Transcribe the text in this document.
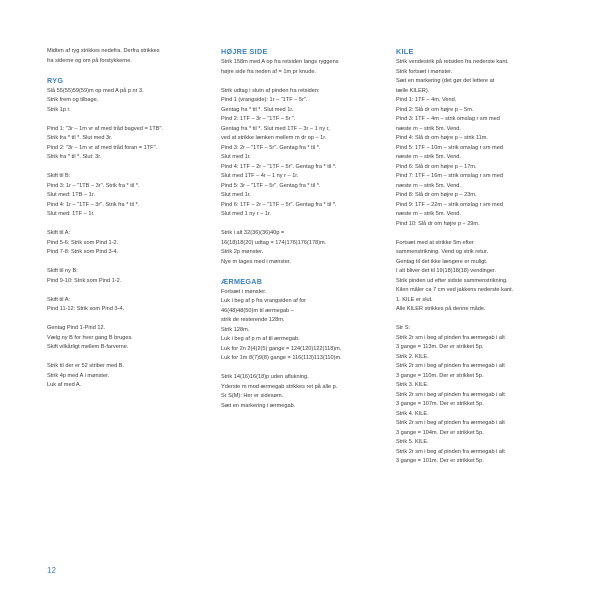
Midten af ryg strikkes nedefra. Derfra strikkes
fra siderne og om på forstykkerne.
RYG
Slå 55(55)59(59)m op med A på p nr 3.
Strik frem og tilbage.
Strik 1p r.
Pind 1: "3r – 1m vr af med tråd bagved = 1TB".
Strik fra * til *. Slut med 3r.
Pind 2: "3r – 1m vr af med tråd foran = 1TF".
Strik fra * til *. Slut: 3r.
Skift til B:
Pind 3: 1r – "1TB – 3r". Strik fra * til *.
Slut med: 1TB – 1r.
Pind 4: 1r – "1TF – 3r". Strik fra * til *.
Slut med: 1TF – 1r.
Skift til A:
Pind 5-6: Strik som Pind 1-2.
Pind 7-8: Strik som Pind 3-4.
Skift til ny B:
Pind 9-10: Strik som Pind 1-2.
Skift til A:
Pind 11-12: Strik som Pind 3-4.
Gentag Pind 1-Pind 12.
Vælg ny B for hver gang B bruges.
Skift vilkårligt mellem B-farverne.
Strik til der er 52 striber med B.
Strik 4p med A i mønster.
Luk af med A.
HØJRE SIDE
Strik 158m med A op fra retsiden langs ryggens
højre side fra neden af = 1m pr knude.
Strik udtag i slutn af pinden fra retsiden:
Pind 1 (vrangside): 1r – "1TF – 5r".
Gentag fra * til *. Slut med 1r.
Pind 2: 1TF – 3r – "1TF – 5r ".
Gentag fra * til *. Slut med 1TF – 3r – 1 ny r,
ved at strikke lænken mellem m dr op – 1r.
Pind 3: 2r – "1TF – 5r". Gentag fra * til *.
Slut med 1r.
Pind 4: 1TF – 2r – "1TF – 5r". Gentag fra * til *.
Slut med 1TF – 4r – 1 ny r – 1r.
Pind 5: 3r – "1TF – 5r". Gentag fra * til *.
Slut med 1r.
Pind 6: 1TF – 2r – "1TF – 5r". Gentag fra * til *.
Slut med 1 ny r – 1r.
Strik i alt 32(36)(36)40p =
16(18)18(20) udtag = 174(176)176(178)m.
Strik 2p mønster.
Nye m tages med i mønster.
ÆRMEGAB
Fortsæt i mønster.
Luk i beg af p fra vrangsiden af for
46(48)48(50)m til ærmegab –
strik de resterende 128m.
Strik 128m.
Luk i beg af p m af til ærmegab.
Luk for 2n 2(4)2(5) gange = 124(120)122(118)m.
Luk for 1m 8(7)9(8) gange = 116(113)113(110)m.
Strik 14(16)16(18)p uden aflukning.
Yderste m mod ærmegab strikkes ret på alle p.
Sr S(M): Her er sidesøm.
Sæt en markering i ærmegab.
KILE
Strik vendestrik på retsiden fra nederste kant.
Strik fortsæt i mønster.
Sæt en markering (det gør det lettere at
tælle KILER).
Pind 1: 1TF – 4m. Vend.
Pind 2: Slå dr om højre p – 5m.
Pind 3: 1TF – 4m – strik omslag r sm med
næste m – strik 5m. Vend.
Pind 4: Slå dr om højre p – strik 11m.
Pind 5: 1TF – 10m – strik omslag r sm med
næste m – strik 5m. Vend.
Pind 6: Slå dr om højre p – 17m.
Pind 7: 1TF – 16m – strik omslag r sm med
næste m – strik 5m. Vend.
Pind 8: Slå dr om højre p – 23m.
Pind 9: 1TF – 22m – strik omslag r sm med
næste m – strik 5m. Vend.
Pind 10: Slå dr om højre p – 29m.
Fortsæt med at strikke 5m efter
sammenstrikning. Vend og strik retur.
Gentag til det ikke længere er muligt.
I alt bliver det til 19(18)18(18) vendinger.
Strik pinden ud efter sidste sammenstrikning.
Kilen måler ca 7 cm ved jakkens nederste kant.
1. KILE er slut.
Alle KILER strikkes på denne måde.
Str S:
Strik 2r sm i beg af pinden fra ærmegab i alt
3 gange = 113m. Der er strikket 5p.
Strik 2. KILE.
Strik 2r sm i beg af pinden fra ærmegab i alt
3 gange = 110m. Der er strikket 5p.
Strik 3. KILE.
Strik 2r sm i beg af pinden fra ærmegab i alt
3 gange = 107m. Der er strikket 5p.
Strik 4. KILE.
Strik 2r sm i beg af pinden fra ærmegab i alt
3 gange = 104m. Der er strikket 5p.
Strik 5. KILE.
Strik 2r sm i beg af pinden fra ærmegab i alt
3 gange = 101m. Der er strikket 5p.
12
